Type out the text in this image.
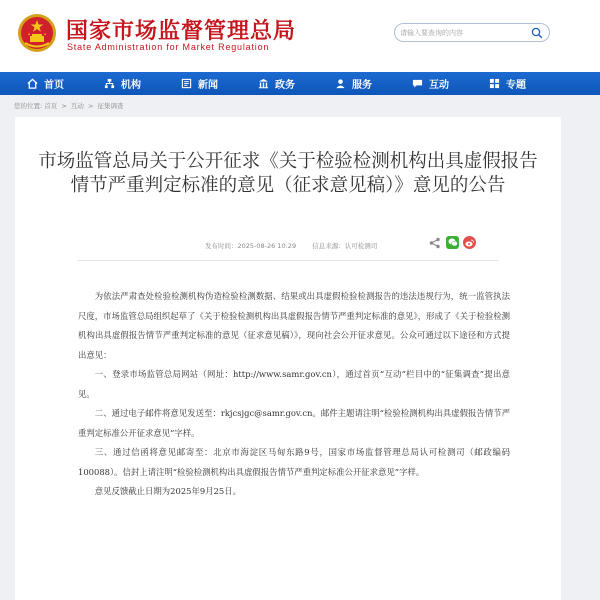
国家市场监督管理总局
State Administration for Market Regulation
请输入要查询的内容
首页	机构	新闻	政务	服务	互动	专题
您的位置: 首页 > 互动 > 征集调查
市场监管总局关于公开征求《关于检验检测机构出具虚假报告情节严重判定标准的意见（征求意见稿）》意见的公告
发布时间：2025-08-26 10:29 信息来源：认可检测司

为依法严肃查处检验检测机构伪造检验检测数据、结果或出具虚假检验检测报告的违法违规行为，统一监管执法尺度，市场监管总局组织起草了《关于检验检测机构出具虚假报告情节严重判定标准的意见》，形成了《关于检验检测机构出具虚假报告情节严重判定标准的意见（征求意见稿）》，现向社会公开征求意见。公众可通过以下途径和方式提出意见：

一、登录市场监管总局网站（网址：http://www.samr.gov.cn），通过首页“互动”栏目中的“征集调查”提出意见。

二、通过电子邮件将意见发送至：rkjcsjgc@samr.gov.cn。邮件主题请注明“检验检测机构出具虚假报告情节严重判定标准公开征求意见”字样。

三、通过信函将意见邮寄至：北京市海淀区马甸东路9号，国家市场监督管理总局认可检测司（邮政编码100088）。信封上请注明“检验检测机构出具虚假报告情节严重判定标准公开征求意见”字样。

意见反馈截止日期为2025年9月25日。
